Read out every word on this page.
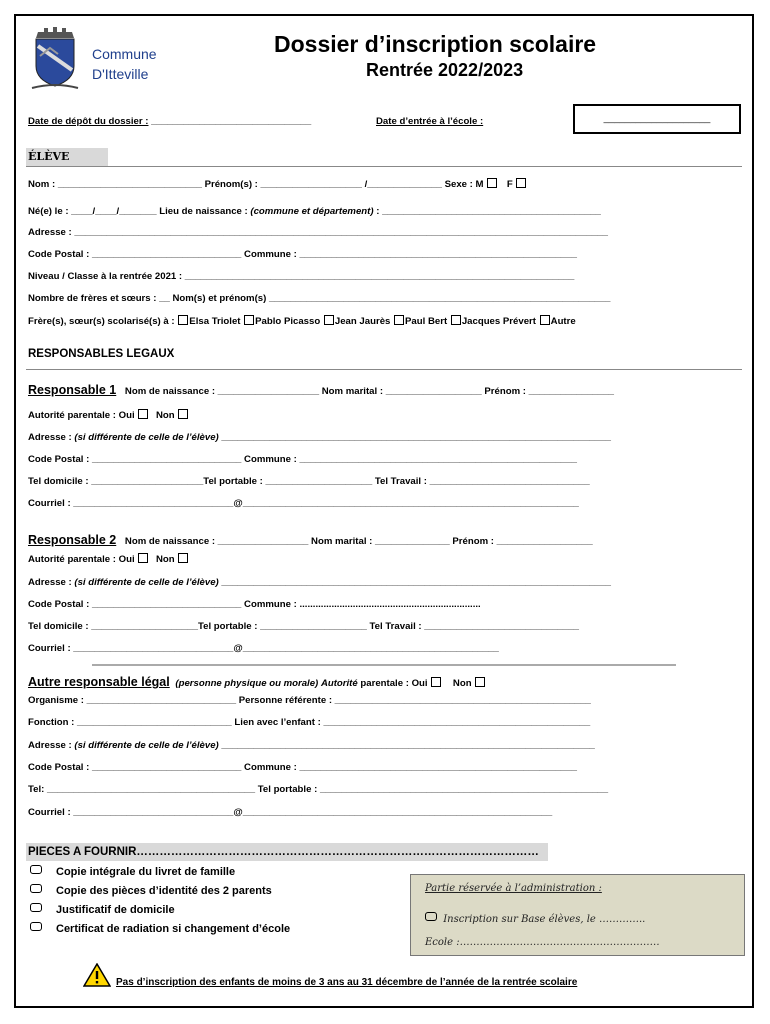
Commune
D'Itteville
Dossier d’inscription scolaire
Rentrée 2022/2023
Date de dépôt du dossier : ______________________________	Date d’entrée à l’école :	____________________
ÉLÈVE
Nom : ___________________________ Prénom(s) : ___________________ /______________ Sexe : M F
Né(e) le : ____/____/_______ Lieu de naissance : (commune et département) : _________________________________________
Adresse : ____________________________________________________________________________________________________
Code Postal : ____________________________ Commune : ____________________________________________________
Niveau / Classe à la rentrée 2021 : _________________________________________________________________________
Nombre de frères et sœurs : __ Nom(s) et prénom(s) ________________________________________________________________
Frère(s), sœur(s) scolarisé(s) à : Elsa Triolet Pablo Picasso Jean Jaurès Paul Bert Jacques Prévert Autre
RESPONSABLES LEGAUX
Responsable 1 Nom de naissance : ___________________ Nom marital : __________________ Prénom : ________________
Autorité parentale : Oui Non
Adresse : (si différente de celle de l’élève) _________________________________________________________________________
Code Postal : ____________________________ Commune : ____________________________________________________
Tel domicile : _____________________Tel portable : ____________________ Tel Travail : ______________________________
Courriel : ______________________________@_______________________________________________________________
Responsable 2 Nom de naissance : _________________ Nom marital : ______________ Prénom : __________________
Autorité parentale : Oui Non
Adresse : (si différente de celle de l’élève) _________________________________________________________________________
Code Postal : ____________________________ Commune : ....................................................................
Tel domicile : ____________________Tel portable : ____________________ Tel Travail : _____________________________
Courriel : ______________________________@________________________________________________
Autre responsable légal (personne physique ou morale) Autorité parentale : Oui	Non
Organisme : ____________________________ Personne référente : ________________________________________________
Fonction : _____________________________ Lien avec l’enfant : __________________________________________________
Adresse : (si différente de celle de l’élève) ______________________________________________________________________
Code Postal : ____________________________ Commune : ____________________________________________________
Tel: _______________________________________ Tel portable : ______________________________________________________
Courriel : ______________________________@__________________________________________________________
PIECES A FOURNIR……………………………………………………………………………………………
Copie intégrale du livret de famille
Copie des pièces d’identité des 2 parents
Justificatif de domicile
Certificat de radiation si changement d’école
Partie réservée à l’administration :
Inscription sur Base élèves, le …………..
Ecole :……………………………………………………
Pas d’inscription des enfants de moins de 3 ans au 31 décembre de l’année de la rentrée scolaire
